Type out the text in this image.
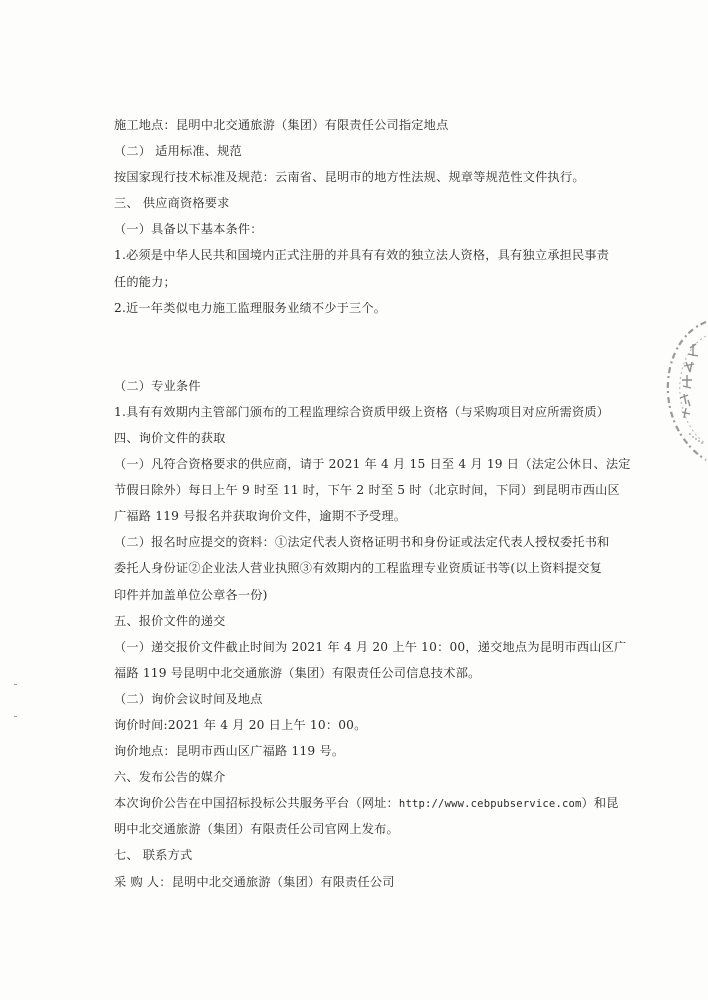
施工地点：昆明中北交通旅游（集团）有限责任公司指定地点
（二） 适用标准、规范
按国家现行技术标准及规范：云南省、昆明市的地方性法规、规章等规范性文件执行。
三、 供应商资格要求
（一）具备以下基本条件：
1.必须是中华人民共和国境内正式注册的并具有有效的独立法人资格，具有独立承担民事责
任的能力；
2.近一年类似电力施工监理服务业绩不少于三个。
（二）专业条件
1.具有有效期内主管部门颁布的工程监理综合资质甲级上资格（与采购项目对应所需资质）
四、询价文件的获取
（一）凡符合资格要求的供应商，请于 2021 年 4 月 15 日至 4 月 19 日（法定公休日、法定
节假日除外）每日上午 9 时至 11 时，下午 2 时至 5 时（北京时间，下同）到昆明市西山区
广福路 119 号报名并获取询价文件，逾期不予受理。
（二）报名时应提交的资料：①法定代表人资格证明书和身份证或法定代表人授权委托书和
委托人身份证②企业法人营业执照③有效期内的工程监理专业资质证书等(以上资料提交复
印件并加盖单位公章各一份)
五、报价文件的递交
（一）递交报价文件截止时间为 2021 年 4 月 20 上午 10：00，递交地点为昆明市西山区广
福路 119 号昆明中北交通旅游（集团）有限责任公司信息技术部。
（二）询价会议时间及地点
询价时间:2021 年 4 月 20 日上午 10：00。
询价地点：昆明市西山区广福路 119 号。
六、发布公告的媒介
本次询价公告在中国招标投标公共服务平台（网址：http://www.cebpubservice.com）和昆
明中北交通旅游（集团）有限责任公司官网上发布。
七、 联系方式
采 购 人：昆明中北交通旅游（集团）有限责任公司
